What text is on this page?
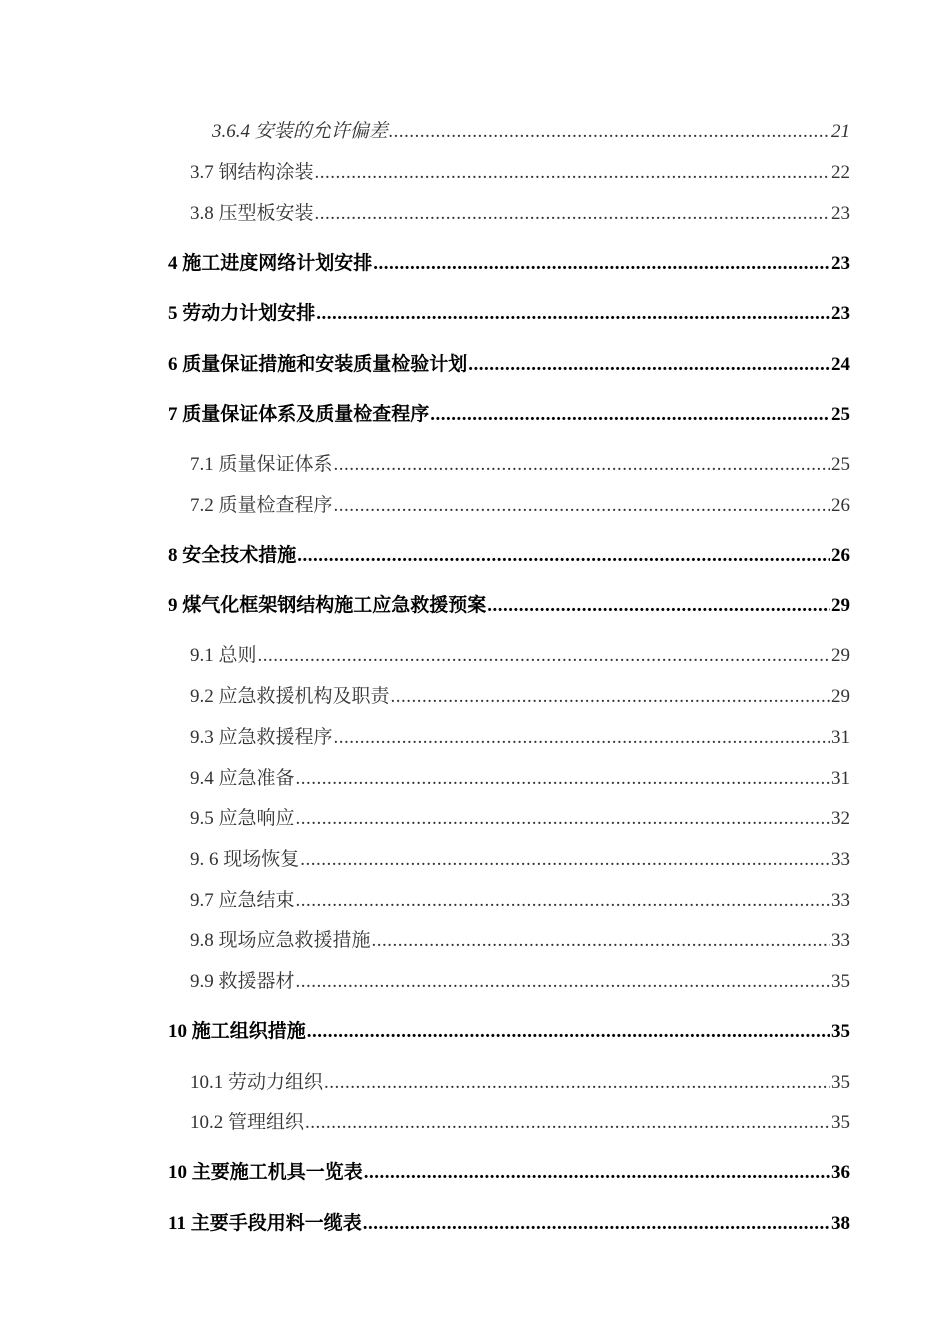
3.6.4 安装的允许偏差 .....	21
3.7 钢结构涂装 .....	22
3.8 压型板安装 .....	23
4 施工进度网络计划安排 .....	23
5 劳动力计划安排 .....	23
6 质量保证措施和安装质量检验计划 .....	24
7 质量保证体系及质量检查程序 .....	25
7.1 质量保证体系 .....	25
7.2 质量检查程序 .....	26
8 安全技术措施 .....	26
9 煤气化框架钢结构施工应急救援预案 .....	29
9.1 总则 .....	29
9.2 应急救援机构及职责 .....	29
9.3 应急救援程序 .....	31
9.4 应急准备 .....	31
9.5 应急响应 .....	32
9. 6 现场恢复 .....	33
9.7 应急结束 .....	33
9.8 现场应急救援措施 .....	33
9.9 救援器材 .....	35
10 施工组织措施 .....	35
10.1 劳动力组织 .....	35
10.2 管理组织 .....	35
10 主要施工机具一览表 .....	36
11 主要手段用料一缆表 .....	38
